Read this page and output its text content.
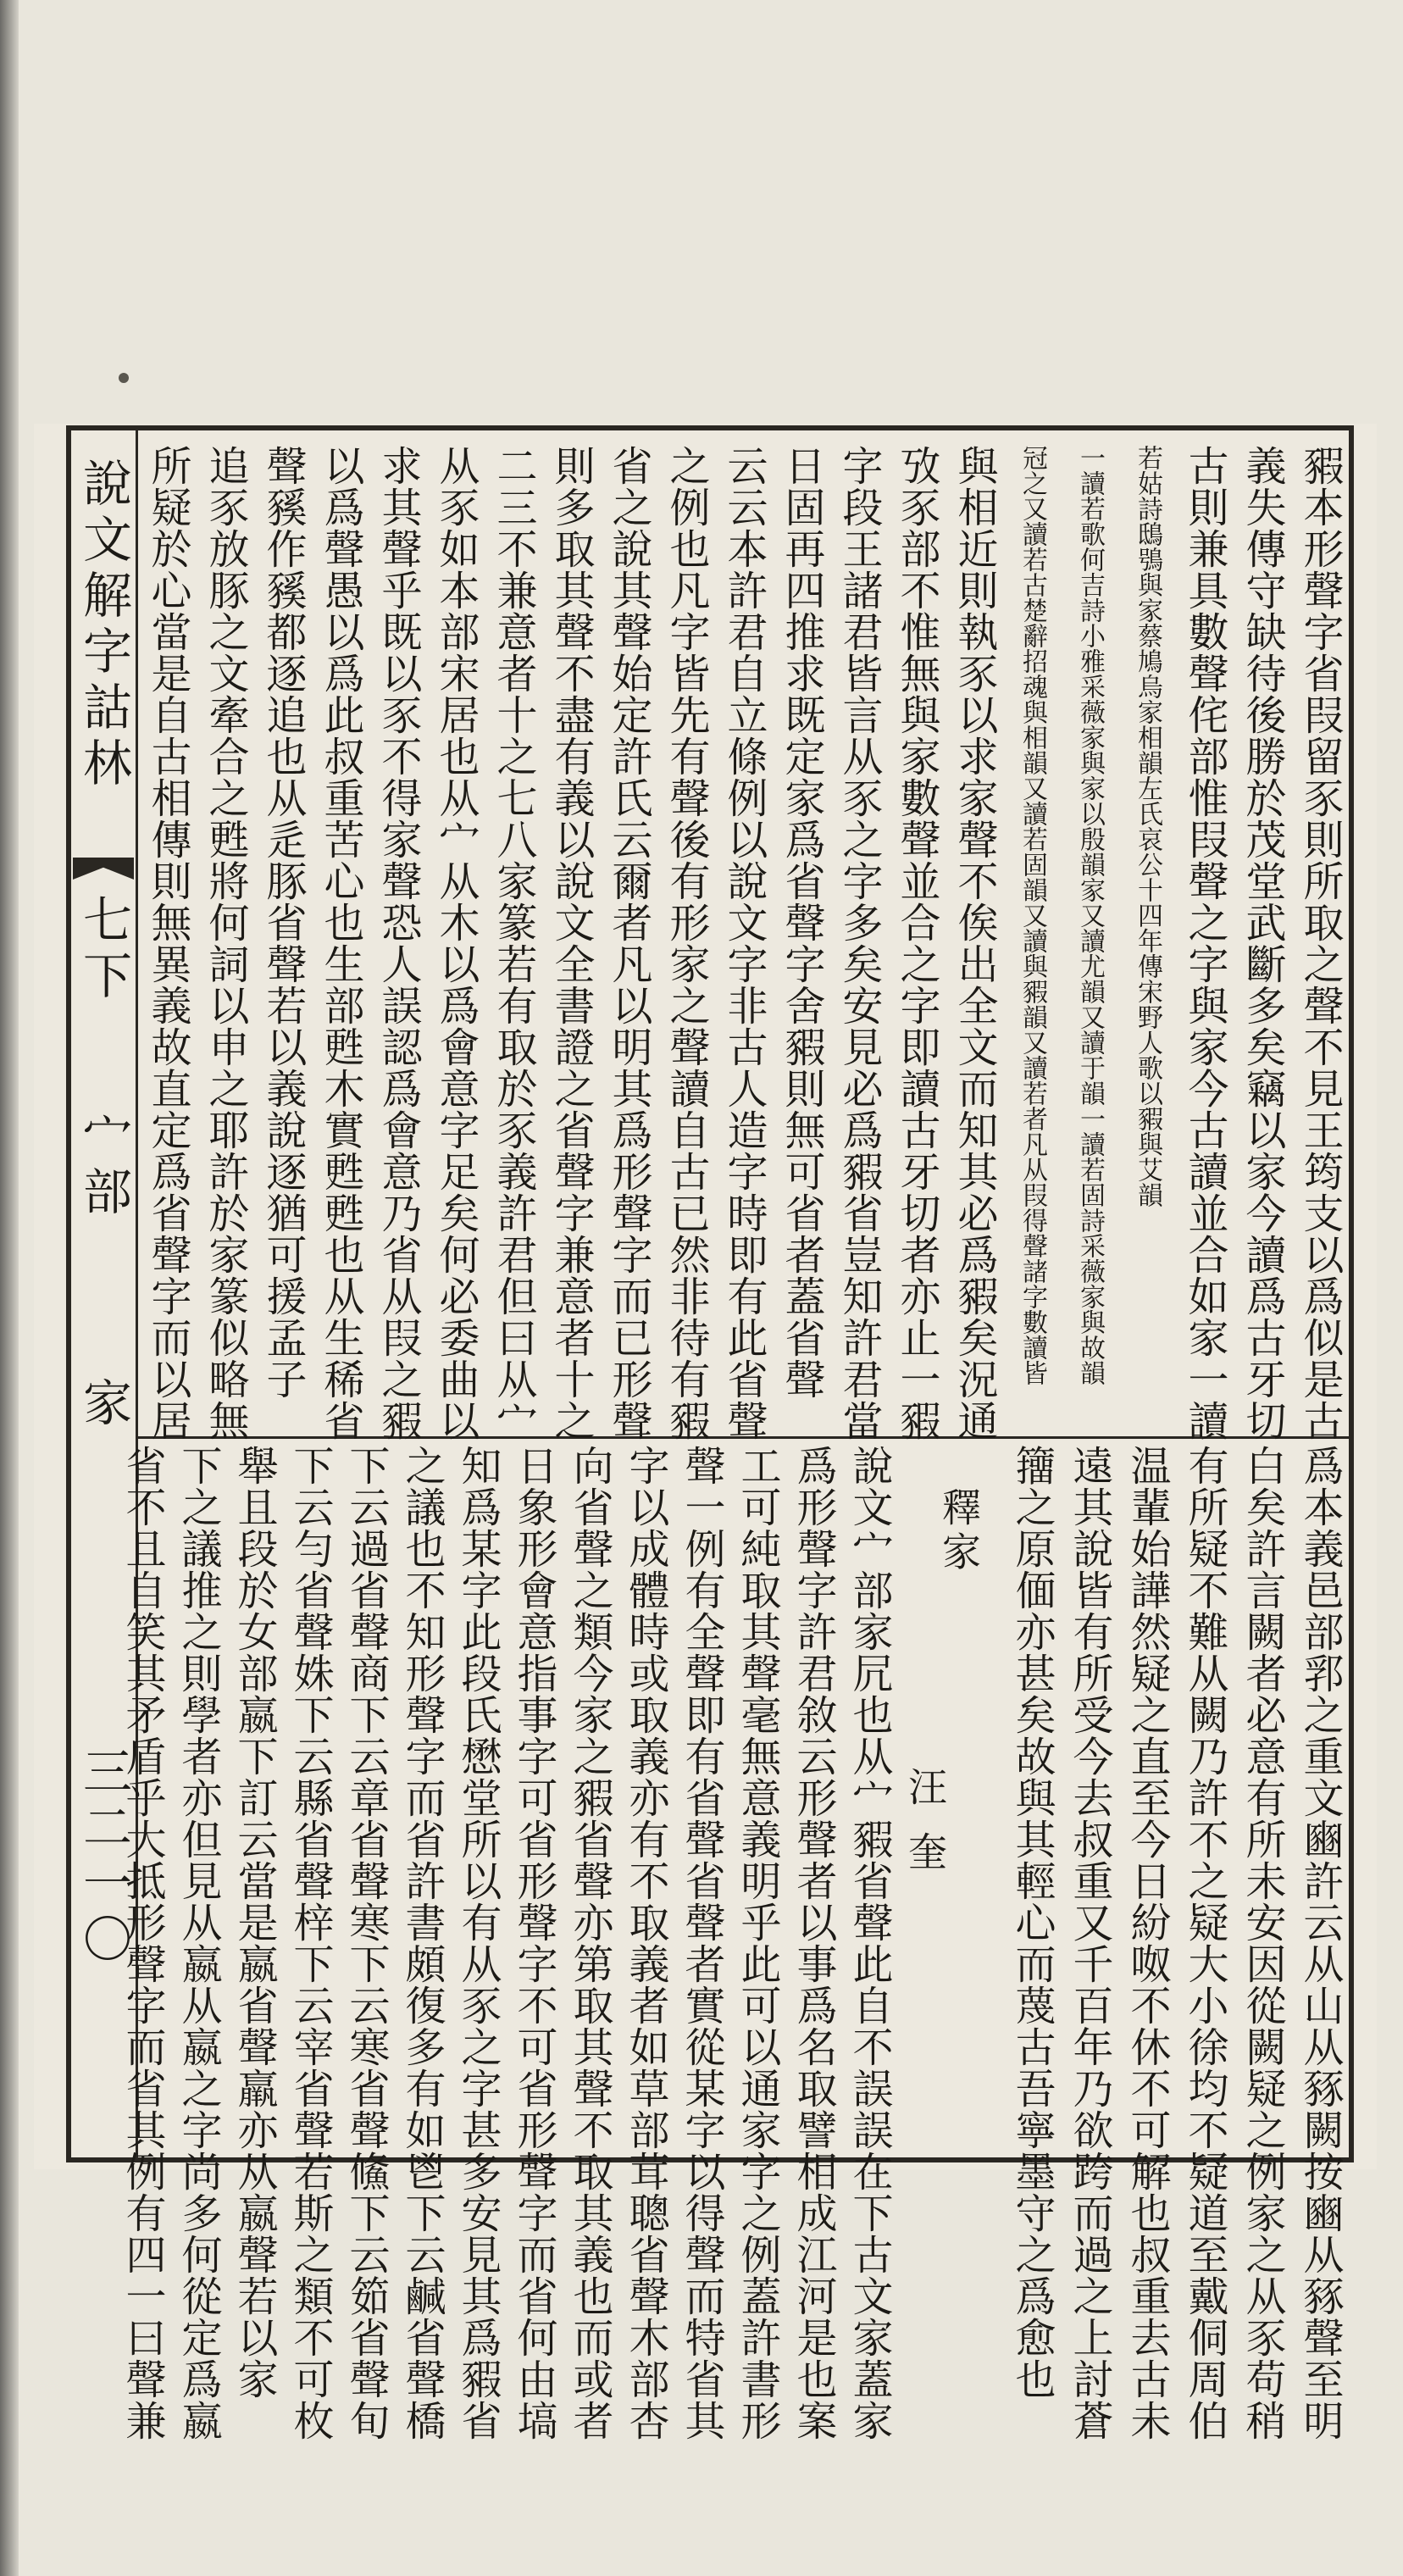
說文解字詁林
七下
宀部
家
三二一〇
豭本形聲字省叚留豕則所取之聲不見王筠支以爲似是古
義失傳守缺待後勝於茂堂武斷多矣竊以家今讀爲古牙切
古則兼具數聲侘部惟叚聲之字與家今古讀並合如家一讀
若姑詩鴟鴞與家蔡鳩烏家相韻左氏哀公十四年傳宋野人歌以豭與艾韻
一讀若歌何吉詩小雅采薇家與家以殷韻家又讀尤韻又讀于韻一讀若固詩采薇家與故韻
冠之又讀若古楚辭招魂與相韻又讀若固韻又讀與豭韻又讀若者凡从叚得聲諸字數讀皆
與相近則執豕以求家聲不俟出全文而知其必爲豭矣況通
攷豕部不惟無與家數聲並合之字即讀古牙切者亦止一豭
字段王諸君皆言从豕之字多矣安見必爲豭省豈知許君當
日固再四推求既定家爲省聲字舍豭則無可省者蓋省聲
云云本許君自立條例以說文字非古人造字時即有此省聲
之例也凡字皆先有聲後有形家之聲讀自古已然非待有豭
省之說其聲始定許氏云爾者凡以明其爲形聲字而已形聲
則多取其聲不盡有義以說文全書證之省聲字兼意者十之
二三不兼意者十之七八家篆若有取於豕義許君但曰从宀
从豕如本部宋居也从宀从木以爲會意字足矣何必委曲以
求其聲乎既以豕不得家聲恐人誤認爲會意乃省从叚之豭
以爲聲愚以爲此叔重苦心也生部甦木實甦甦也从生稀省
聲豯作豯都逐追也从辵豚省聲若以義說逐猶可援孟子
追豕放豚之文牽合之甦將何詞以申之耶許於家篆似略無
所疑於心當是自古相傳則無異義故直定爲省聲字而以居
爲本義邑部郛之重文豳許云从山从豩闕按豳从豩聲至明
白矣許言闕者必意有所未安因從闕疑之例家之从豕苟稍
有所疑不難从闕乃許不之疑大小徐均不疑道至戴侗周伯
温輩始譁然疑之直至今日紛呶不休不可解也叔重去古未
遠其說皆有所受今去叔重又千百年乃欲跨而過之上討蒼
籒之原偭亦甚矣故與其輕心而蔑古吾寧墨守之爲愈也
釋家
汪奎
說文宀部家凥也从宀豭省聲此自不誤誤在下古文家蓋家
爲形聲字許君敘云形聲者以事爲名取譬相成江河是也案
工可純取其聲毫無意義明乎此可以通家字之例蓋許書形
聲一例有全聲即有省聲省聲者實從某字以得聲而特省其
字以成體時或取義亦有不取義者如草部茸聰省聲木部杏
向省聲之類今家之豭省聲亦第取其聲不取其義也而或者
日象形會意指事字可省形聲字不可省形聲字而省何由塙
知爲某字此段氏懋堂所以有从豕之字甚多安見其爲豭省
之議也不知形聲字而省許書頗復多有如鬯下云鹹省聲橋
下云過省聲商下云章省聲寒下云寒省聲鯈下云筎省聲旬
下云勻省聲姝下云縣省聲梓下云宰省聲若斯之類不可枚
舉且段於女部嬴下訂云當是嬴省聲羸亦从嬴聲若以家
下之議推之則學者亦但見从嬴从嬴之字尚多何從定爲嬴
省不且自笑其矛盾乎大抵形聲字而省其例有四一曰聲兼
